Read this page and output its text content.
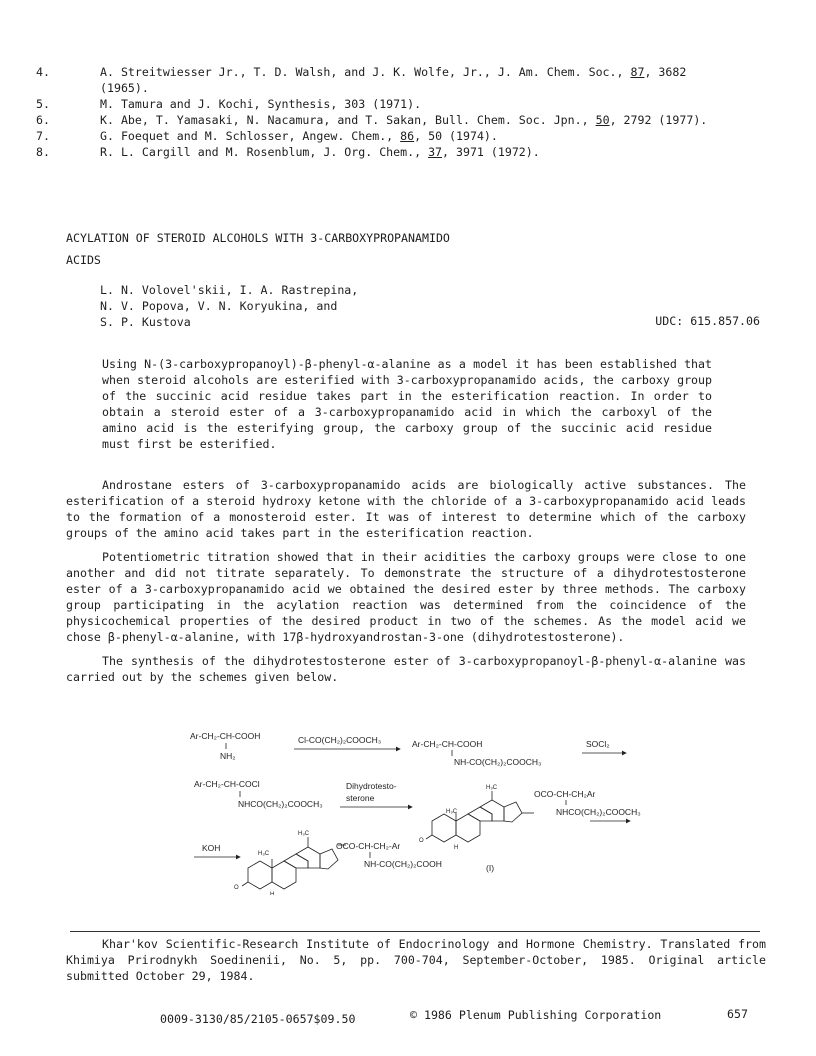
4.	A. Streitwiesser Jr., T. D. Walsh, and J. K. Wolfe, Jr., J. Am. Chem. Soc., 87, 3682
(1965).
5.	M. Tamura and J. Kochi, Synthesis, 303 (1971).
6.	K. Abe, T. Yamasaki, N. Nacamura, and T. Sakan, Bull. Chem. Soc. Jpn., 50, 2792 (1977).
7.	G. Foequet and M. Schlosser, Angew. Chem., 86, 50 (1974).
8.	R. L. Cargill and M. Rosenblum, J. Org. Chem., 37, 3971 (1972).
ACYLATION OF STEROID ALCOHOLS WITH 3-CARBOXYPROPANAMIDO
ACIDS
L. N. Volovel'skii, I. A. Rastrepina,
N. V. Popova, V. N. Koryukina, and
S. P. Kustova	UDC: 615.857.06
Using N-(3-carboxypropanoyl)-β-phenyl-α-alanine as a model it has been established that when steroid alcohols are esterified with 3-carboxypropanamido acids, the carboxy group of the succinic acid residue takes part in the esterification reaction. In order to obtain a steroid ester of a 3-carboxypropanamido acid in which the carboxyl of the amino acid is the esterifying group, the carboxy group of the succinic acid residue must first be esterified.

Androstane esters of 3-carboxypropanamido acids are biologically active substances. The esterification of a steroid hydroxy ketone with the chloride of a 3-carboxypropanamido acid leads to the formation of a monosteroid ester. It was of interest to determine which of the carboxy groups of the amino acid takes part in the esterification reaction.

Potentiometric titration showed that in their acidities the carboxy groups were close to one another and did not titrate separately. To demonstrate the structure of a dihydrotestosterone ester of a 3-carboxypropanamido acid we obtained the desired ester by three methods. The carboxy group participating in the acylation reaction was determined from the coincidence of the physicochemical properties of the desired product in two of the schemes. As the model acid we chose β-phenyl-α-alanine, with 17β-hydroxyandrostan-3-one (dihydrotestosterone).

The synthesis of the dihydrotestosterone ester of 3-carboxypropanoyl-β-phenyl-α-alanine was carried out by the schemes given below.

Ar-CH₂-CH-COOH
NH₂
Cl-CO(CH₂)₂COOCH₃	Ar-CH₂-CH-COOH
NH-CO(CH₂)₂COOCH₃
SOCl₂
Ar-CH₂-CH-COCl
NHCO(CH₂)₂COOCH₃
Dihydrotesto-
sterone
H₃C
H₃C
O
H
OCO-CH-CH₂Ar
NHCO(CH₂)₂COOCH₃
KOH
H₃C
H₃C
O
H
OCO-CH-CH₂-Ar
NH-CO(CH₂)₂COOH	(I)
Khar'kov Scientific-Research Institute of Endocrinology and Hormone Chemistry. Translated from Khimiya Prirodnykh Soedinenii, No. 5, pp. 700-704, September-October, 1985. Original article submitted October 29, 1984.
0009-3130/85/2105-0657$09.50	© 1986 Plenum Publishing Corporation	657
